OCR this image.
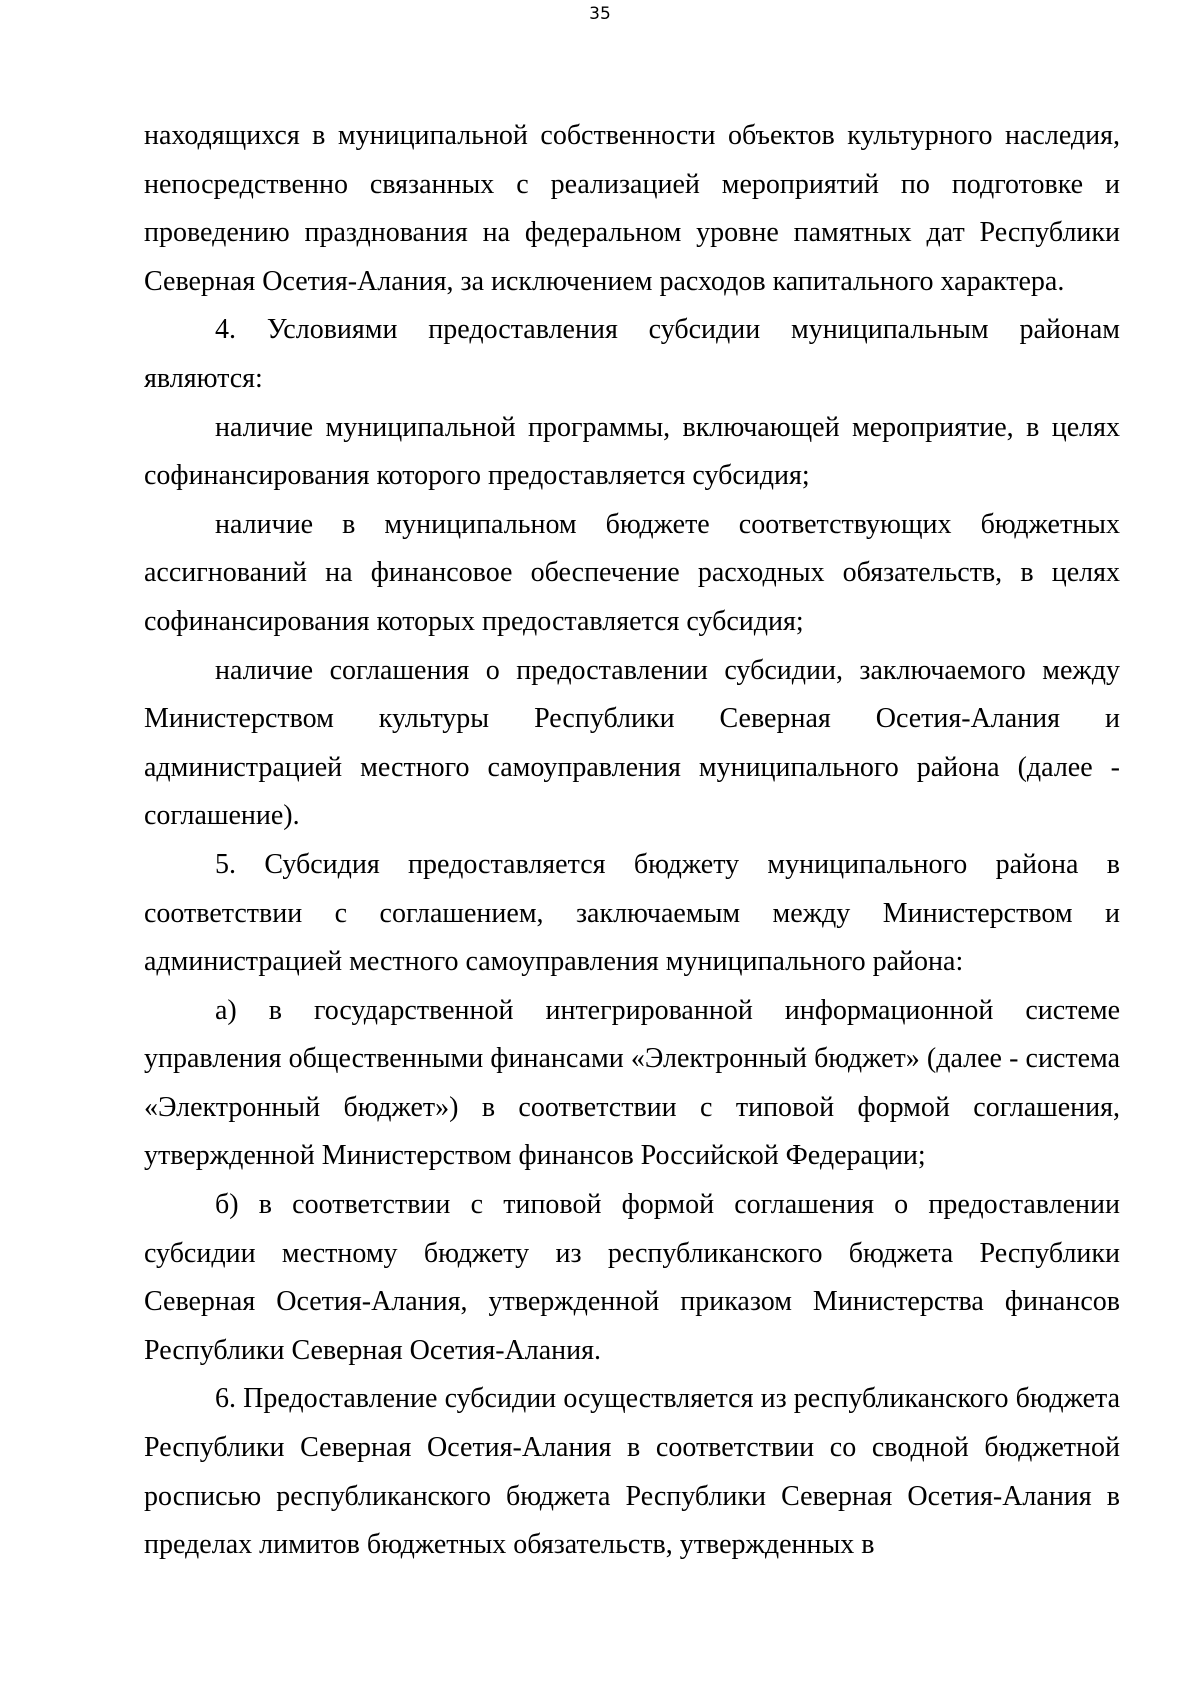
35

находящихся в муниципальной собственности объектов культурного наследия, непосредственно связанных с реализацией мероприятий по подготовке и проведению празднования на федеральном уровне памятных дат Республики Северная Осетия-Алания, за исключением расходов капитального характера.

4. Условиями предоставления субсидии муниципальным районам являются:

наличие муниципальной программы, включающей мероприятие, в целях софинансирования которого предоставляется субсидия;

наличие в муниципальном бюджете соответствующих бюджетных ассигнований на финансовое обеспечение расходных обязательств, в целях софинансирования которых предоставляется субсидия;

наличие соглашения о предоставлении субсидии, заключаемого между Министерством культуры Республики Северная Осетия-Алания и администрацией местного самоуправления муниципального района (далее - соглашение).

5. Субсидия предоставляется бюджету муниципального района в соответствии с соглашением, заключаемым между Министерством и администрацией местного самоуправления муниципального района:

а) в государственной интегрированной информационной системе управления общественными финансами «Электронный бюджет» (далее - система «Электронный бюджет») в соответствии с типовой формой соглашения, утвержденной Министерством финансов Российской Федерации;

б) в соответствии с типовой формой соглашения о предоставлении субсидии местному бюджету из республиканского бюджета Республики Северная Осетия-Алания, утвержденной приказом Министерства финансов Республики Северная Осетия-Алания.

6. Предоставление субсидии осуществляется из республиканского бюджета Республики Северная Осетия-Алания в соответствии со сводной бюджетной росписью республиканского бюджета Республики Северная Осетия-Алания в пределах лимитов бюджетных обязательств, утвержденных в
